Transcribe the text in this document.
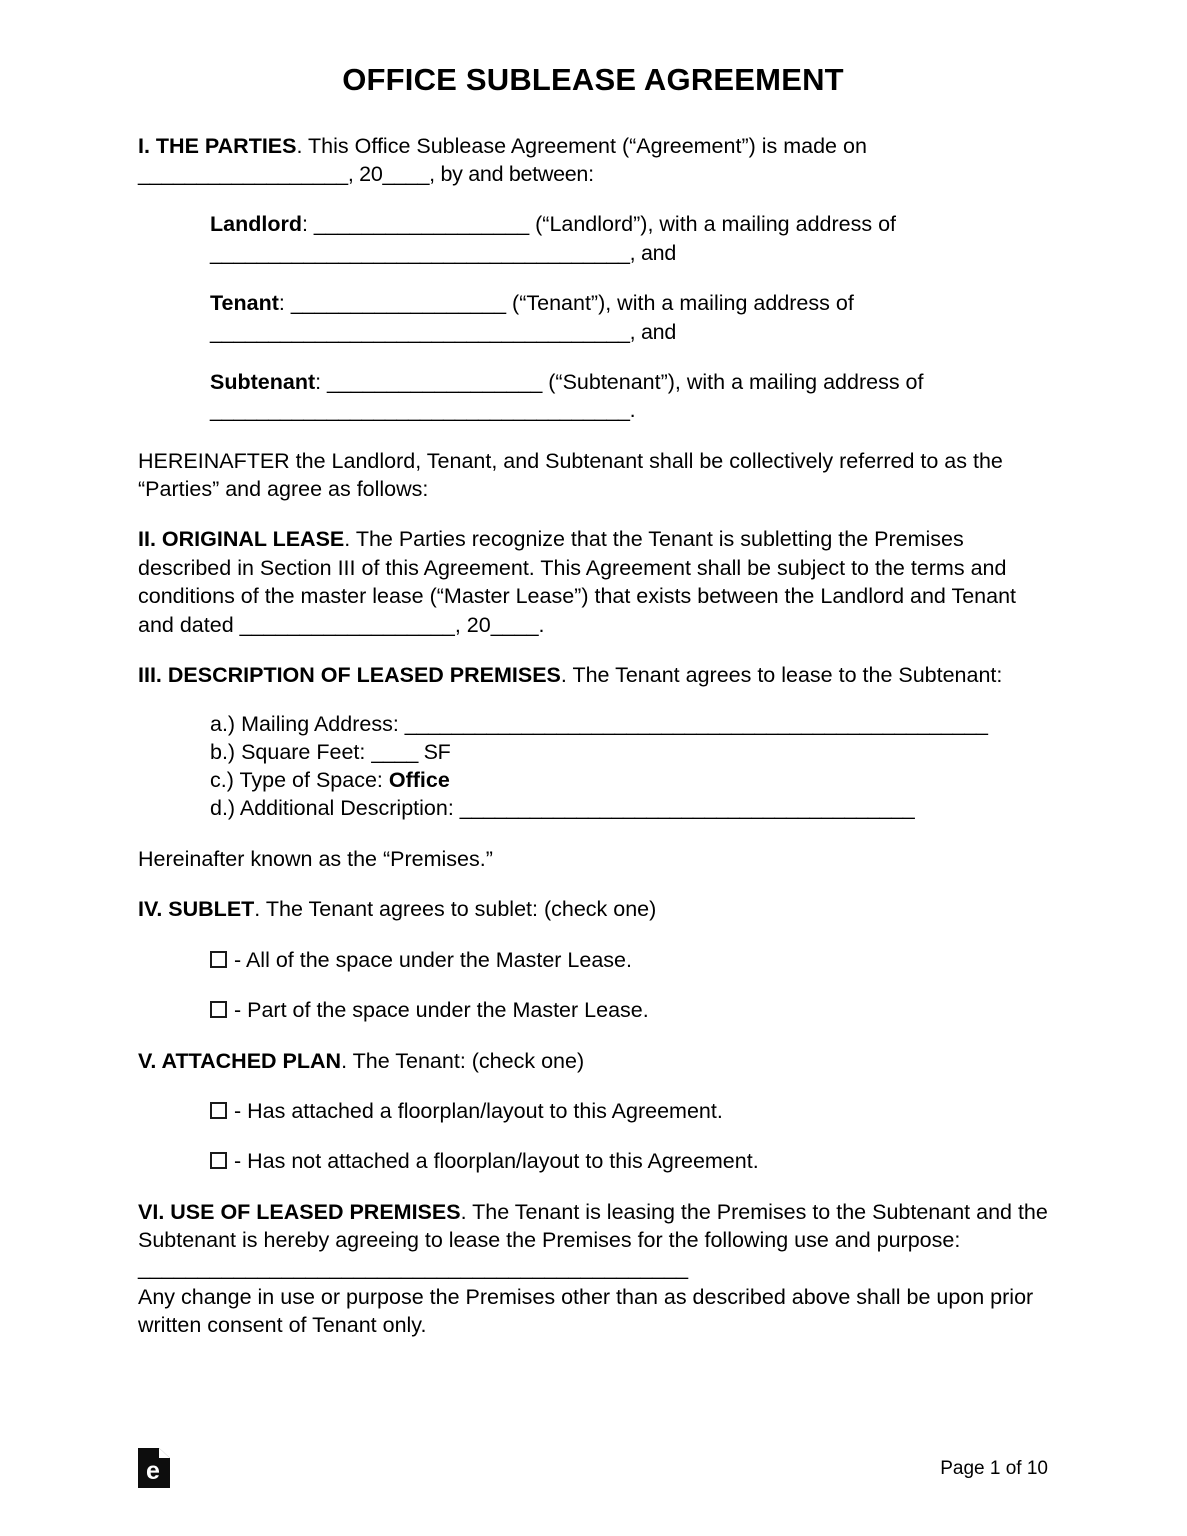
OFFICE SUBLEASE AGREEMENT

I. THE PARTIES. This Office Sublease Agreement (“Agreement”) is made on
__________________, 20____, by and between:

Landlord: __________________ (“Landlord”), with a mailing address of
____________________________________, and
Tenant: __________________ (“Tenant”), with a mailing address of
____________________________________, and
Subtenant: __________________ (“Subtenant”), with a mailing address of
____________________________________.

HEREINAFTER the Landlord, Tenant, and Subtenant shall be collectively referred to as the “Parties” and agree as follows:

II. ORIGINAL LEASE. The Parties recognize that the Tenant is subletting the Premises described in Section III of this Agreement. This Agreement shall be subject to the terms and conditions of the master lease (“Master Lease”) that exists between the Landlord and Tenant and dated __________________, 20____.

III. DESCRIPTION OF LEASED PREMISES. The Tenant agrees to lease to the Subtenant:

a.) Mailing Address: __________________________________________________
b.) Square Feet: ____ SF
c.) Type of Space: Office
d.) Additional Description: _______________________________________

Hereinafter known as the “Premises.”

IV. SUBLET. The Tenant agrees to sublet: (check one)

- All of the space under the Master Lease.
- Part of the space under the Master Lease.

V. ATTACHED PLAN. The Tenant: (check one)

- Has attached a floorplan/layout to this Agreement.
- Has not attached a floorplan/layout to this Agreement.

VI. USE OF LEASED PREMISES. The Tenant is leasing the Premises to the Subtenant and the Subtenant is hereby agreeing to lease the Premises for the following use and purpose: ______________________________________________

Any change in use or purpose the Premises other than as described above shall be upon prior written consent of Tenant only.

e	Page 1 of 10
